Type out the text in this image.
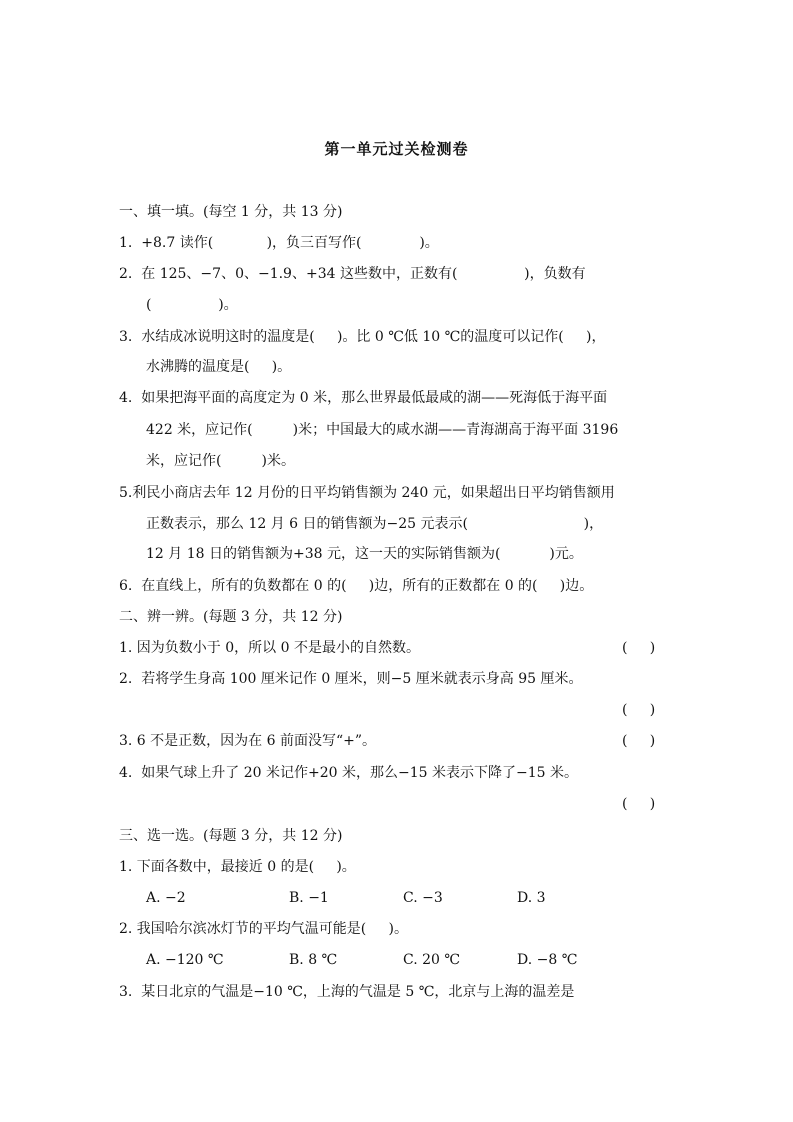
第一单元过关检测卷
一、填一填。(每空 1 分，共 13 分)
1.  +8.7 读作(            )，负三百写作(             )。
2.  在 125、−7、0、−1.9、+34 这些数中，正数有(               )，负数有
(               )。
3.  水结成冰说明这时的温度是(     )。比 0 ℃低 10 ℃的温度可以记作(     )，
水沸腾的温度是(     )。
4.  如果把海平面的高度定为 0 米，那么世界最低最咸的湖——死海低于海平面
422 米，应记作(         )米；中国最大的咸水湖——青海湖高于海平面 3196
米，应记作(         )米。
5.利民小商店去年 12 月份的日平均销售额为 240 元，如果超出日平均销售额用
正数表示，那么 12 月 6 日的销售额为−25 元表示(                          )，
12 月 18 日的销售额为+38 元，这一天的实际销售额为(           )元。
6.  在直线上，所有的负数都在 0 的(     )边，所有的正数都在 0 的(     )边。
二、辨一辨。(每题 3 分，共 12 分)
1. 因为负数小于 0，所以 0 不是最小的自然数。	(     )
2.  若将学生身高 100 厘米记作 0 厘米，则−5 厘米就表示身高 95 厘米。
(     )
3. 6 不是正数，因为在 6 前面没写“+”。	(     )
4.  如果气球上升了 20 米记作+20 米，那么−15 米表示下降了−15 米。
(     )
三、选一选。(每题 3 分，共 12 分)
1. 下面各数中，最接近 0 的是(     )。
A. −2	B. −1	C. −3	D. 3
2. 我国哈尔滨冰灯节的平均气温可能是(     )。
A. −120 ℃	B. 8 ℃	C. 20 ℃	D. −8 ℃
3.  某日北京的气温是−10 ℃，上海的气温是 5 ℃，北京与上海的温差是
